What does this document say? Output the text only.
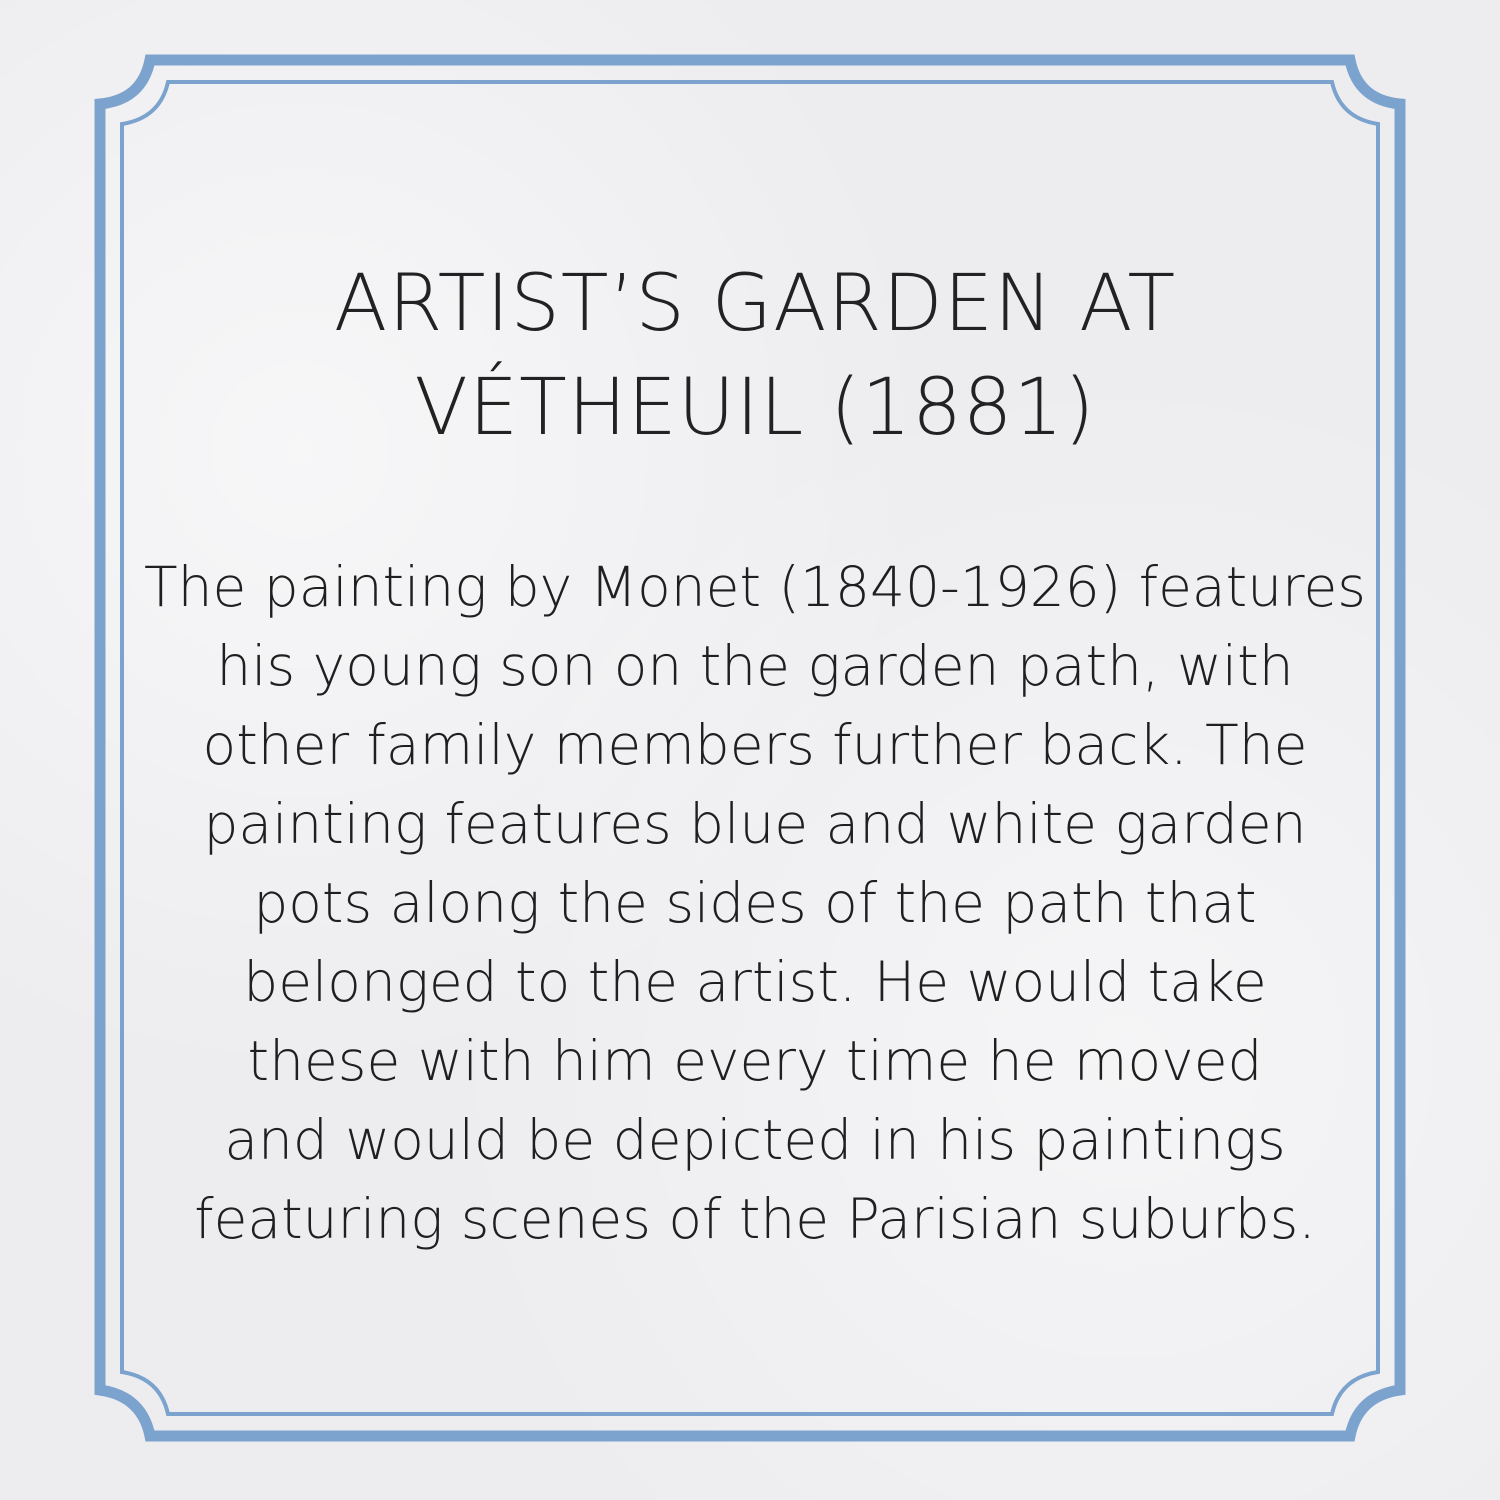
ARTIST’S GARDEN AT
VÉTHEUIL (1881)

The painting by Monet (1840-1926) features
his young son on the garden path, with
other family members further back. The
painting features blue and white garden
pots along the sides of the path that
belonged to the artist. He would take
these with him every time he moved
and would be depicted in his paintings
featuring scenes of the Parisian suburbs.
